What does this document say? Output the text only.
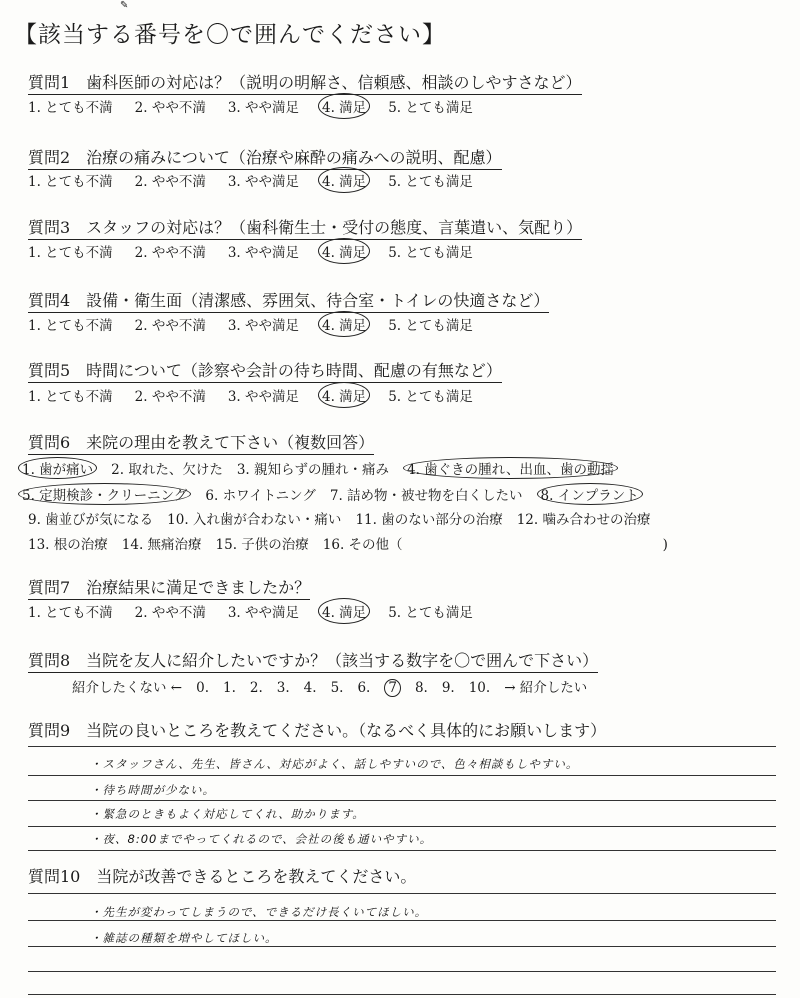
✎
【該当する番号を〇で囲んでください】
質問1　歯科医師の対応は？（説明の明解さ、信頼感、相談のしやすさなど）
1. とても不満 2. やや不満 3. やや満足 4. 満足 5. とても満足
質問2　治療の痛みについて（治療や麻酔の痛みへの説明、配慮）
1. とても不満 2. やや不満 3. やや満足 4. 満足 5. とても満足
質問3　スタッフの対応は？（歯科衛生士・受付の態度、言葉遣い、気配り）
1. とても不満 2. やや不満 3. やや満足 4. 満足 5. とても満足
質問4　設備・衛生面（清潔感、雰囲気、待合室・トイレの快適さなど）
1. とても不満 2. やや不満 3. やや満足 4. 満足 5. とても満足
質問5　時間について（診察や会計の待ち時間、配慮の有無など）
1. とても不満 2. やや不満 3. やや満足 4. 満足 5. とても満足
質問6　来院の理由を教えて下さい（複数回答）
1. 歯が痛い 2. 取れた、欠けた 3. 親知らずの腫れ・痛み 4. 歯ぐきの腫れ、出血、歯の動揺
5. 定期検診・クリーニング 6. ホワイトニング 7. 詰め物・被せ物を白くしたい 8. インプラント
9. 歯並びが気になる 10. 入れ歯が合わない・痛い 11. 歯のない部分の治療 12. 噛み合わせの治療
13. 根の治療 14. 無痛治療 15. 子供の治療 16. その他（	)
質問7　治療結果に満足できましたか？
1. とても不満 2. やや不満 3. やや満足 4. 満足 5. とても満足
質問8　当院を友人に紹介したいですか？（該当する数字を〇で囲んで下さい）
紹介したくない ← 0. 1. 2. 3. 4. 5. 6. 7 8. 9. 10. → 紹介したい
質問9　当院の良いところを教えてください。（なるべく具体的にお願いします）
・スタッフさん、先生、皆さん、対応がよく、話しやすいので、色々相談もしやすい。
・待ち時間が少ない。
・緊急のときもよく対応してくれ、助かります。
・夜、8:00までやってくれるので、会社の後も通いやすい。
質問10　当院が改善できるところを教えてください。
・先生が変わってしまうので、できるだけ長くいてほしい。
・雑誌の種類を増やしてほしい。
